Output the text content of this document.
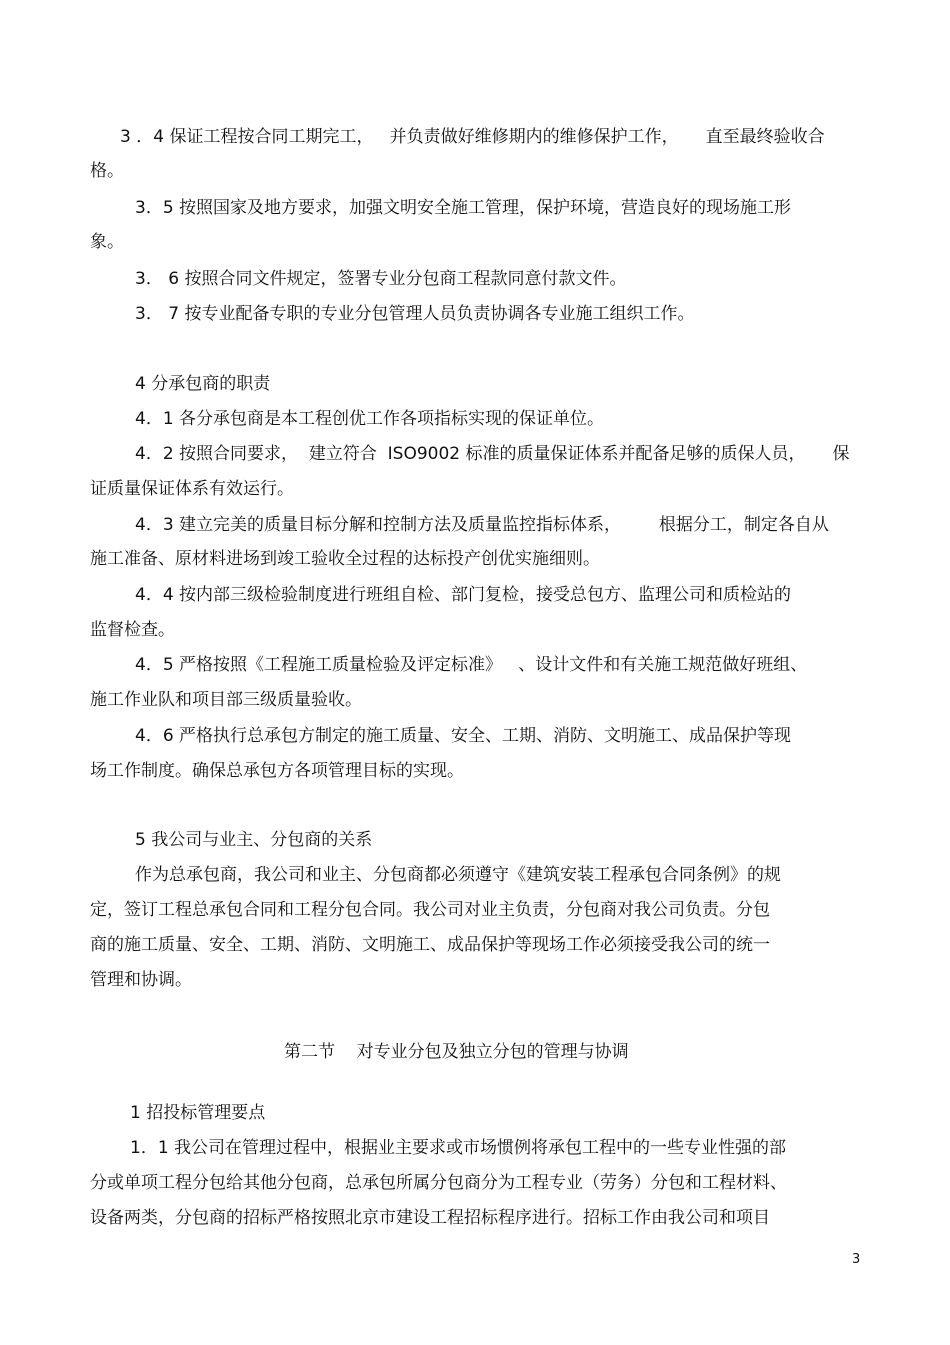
3 ．4 保证工程按合同工期完工，   并负责做好维修期内的维修保护工作，     直至最终验收合
格。
3．5 按照国家及地方要求，加强文明安全施工管理，保护环境，营造良好的现场施工形
象。
3． 6 按照合同文件规定，签署专业分包商工程款同意付款文件。
3． 7 按专业配备专职的专业分包管理人员负责协调各专业施工组织工作。
4 分承包商的职责
4．1 各分承包商是本工程创优工作各项指标实现的保证单位。
4．2 按照合同要求，  建立符合  ISO9002 标准的质量保证体系并配备足够的质保人员，     保
证质量保证体系有效运行。
4．3 建立完美的质量目标分解和控制方法及质量监控指标体系，       根据分工，制定各自从
施工准备、原材料进场到竣工验收全过程的达标投产创优实施细则。
4．4 按内部三级检验制度进行班组自检、部门复检，接受总包方、监理公司和质检站的
监督检查。
4．5 严格按照《工程施工质量检验及评定标准》   、设计文件和有关施工规范做好班组、
施工作业队和项目部三级质量验收。
4．6 严格执行总承包方制定的施工质量、安全、工期、消防、文明施工、成品保护等现
场工作制度。确保总承包方各项管理目标的实现。
5 我公司与业主、分包商的关系
作为总承包商，我公司和业主、分包商都必须遵守《建筑安装工程承包合同条例》的规
定，签订工程总承包合同和工程分包合同。我公司对业主负责，分包商对我公司负责。分包
商的施工质量、安全、工期、消防、文明施工、成品保护等现场工作必须接受我公司的统一
管理和协调。
第二节    对专业分包及独立分包的管理与协调
1 招投标管理要点
1．1 我公司在管理过程中，根据业主要求或市场惯例将承包工程中的一些专业性强的部
分或单项工程分包给其他分包商，总承包所属分包商分为工程专业（劳务）分包和工程材料、
设备两类，分包商的招标严格按照北京市建设工程招标程序进行。招标工作由我公司和项目
3
